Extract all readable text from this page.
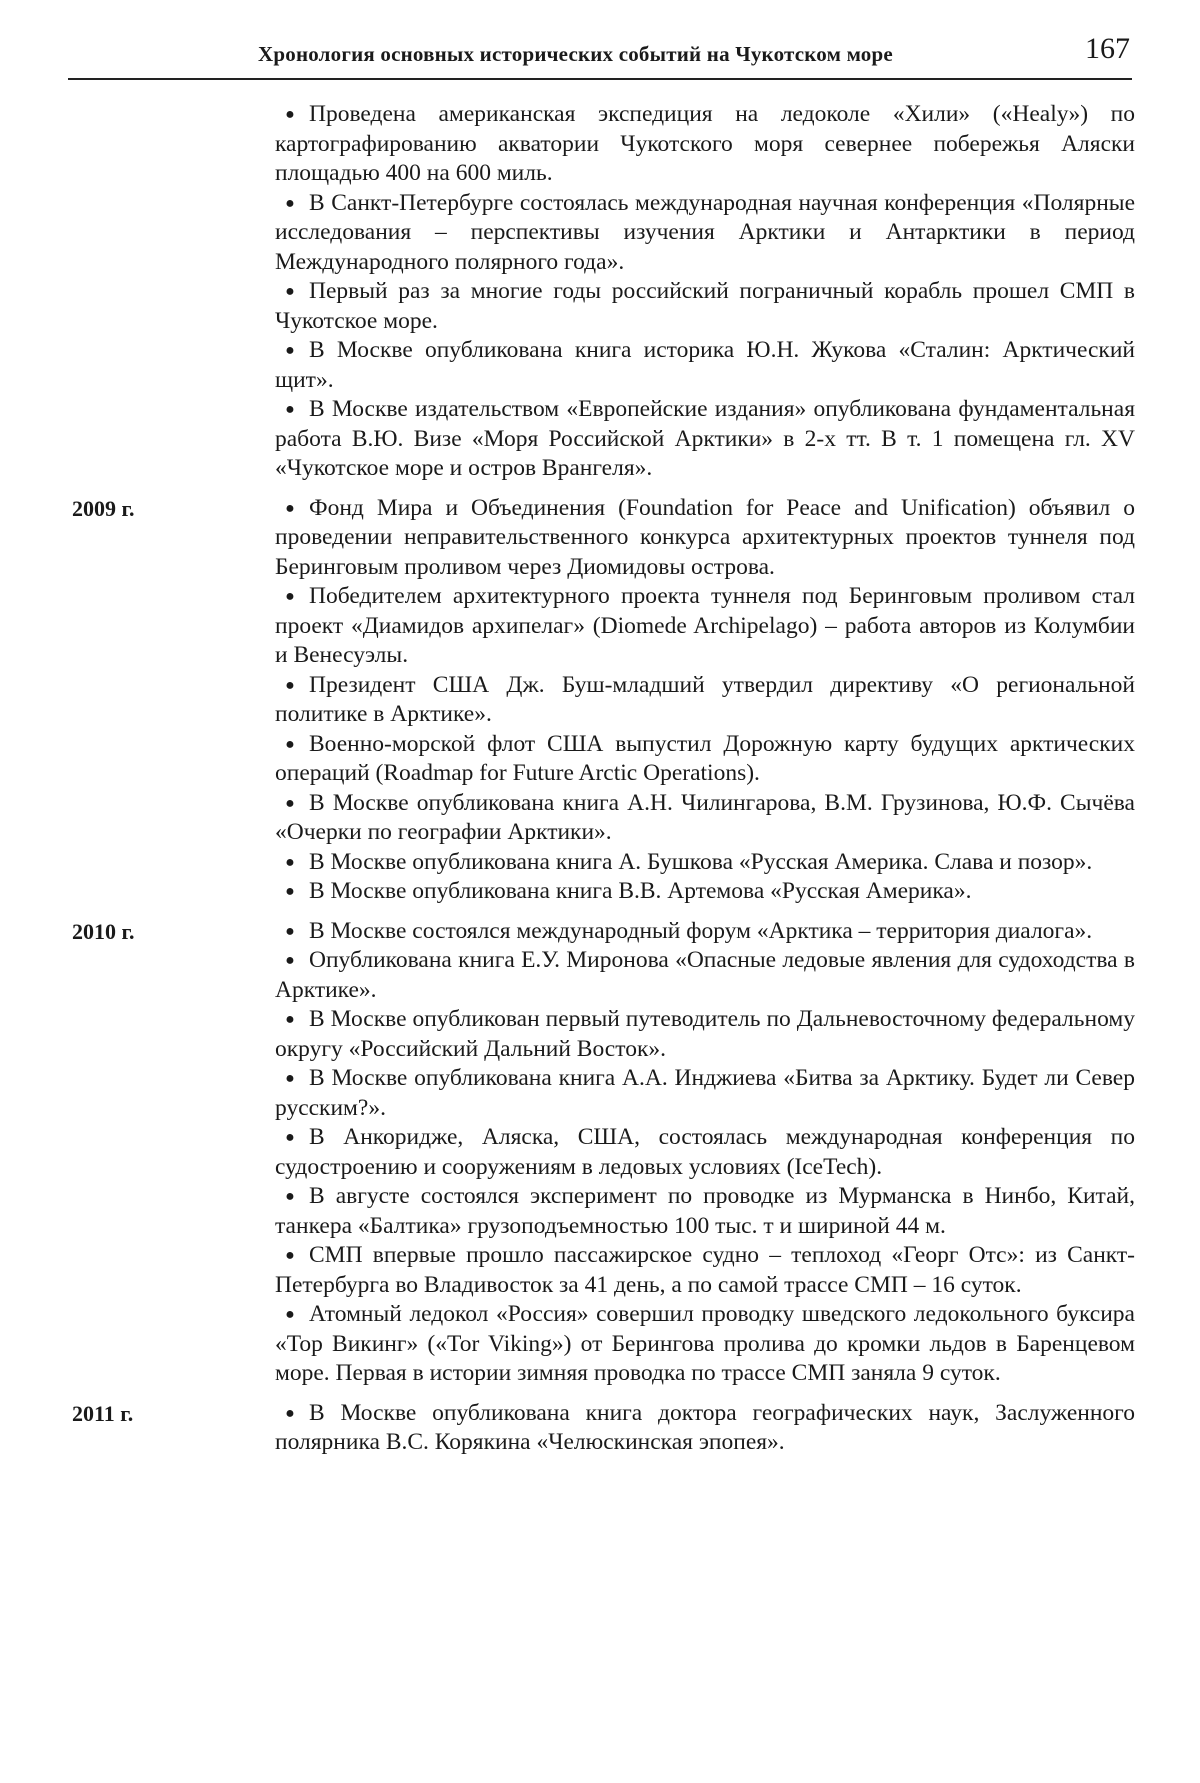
Хронология основных исторических событий на Чукотском море	167

● Проведена американская экспедиция на ледоколе «Хили» («Healy») по картографированию акватории Чукотского моря севернее побережья Аляски площадью 400 на 600 миль.

● В Санкт-Петербурге состоялась международная научная конференция «Полярные исследования – перспективы изучения Арктики и Антарктики в период Международного полярного года».

● Первый раз за многие годы российский пограничный корабль прошел СМП в Чукотское море.

● В Москве опубликована книга историка Ю.Н. Жукова «Сталин: Арктический щит».

● В Москве издательством «Европейские издания» опубликована фундаментальная работа В.Ю. Визе «Моря Российской Арктики» в 2-х тт. В т. 1 помещена гл. XV «Чукотское море и остров Врангеля».

2009 г.	● Фонд Мира и Объединения (Foundation for Peace and Unification) объявил о проведении неправительственного конкурса архитектурных проектов туннеля под Беринговым проливом через Диомидовы острова.

● Победителем архитектурного проекта туннеля под Беринговым проливом стал проект «Диамидов архипелаг» (Diomede Archipelago) – работа авторов из Колумбии и Венесуэлы.

● Президент США Дж. Буш-младший утвердил директиву «О региональной политике в Арктике».

● Военно-морской флот США выпустил Дорожную карту будущих арктических операций (Roadmap for Future Arctic Operations).

● В Москве опубликована книга А.Н. Чилингарова, В.М. Грузинова, Ю.Ф. Сычёва «Очерки по географии Арктики».

● В Москве опубликована книга А. Бушкова «Русская Америка. Слава и позор».

● В Москве опубликована книга В.В. Артемова «Русская Америка».

2010 г.	● В Москве состоялся международный форум «Арктика – территория диалога».

● Опубликована книга Е.У. Миронова «Опасные ледовые явления для судоходства в Арктике».

● В Москве опубликован первый путеводитель по Дальневосточному федеральному округу «Российский Дальний Восток».

● В Москве опубликована книга А.А. Инджиева «Битва за Арктику. Будет ли Север русским?».

● В Анкоридже, Аляска, США, состоялась международная конференция по судостроению и сооружениям в ледовых условиях (IceTech).

● В августе состоялся эксперимент по проводке из Мурманска в Нинбо, Китай, танкера «Балтика» грузоподъемностью 100 тыс. т и шириной 44 м.

● СМП впервые прошло пассажирское судно – теплоход «Георг Отс»: из Санкт-Петербурга во Владивосток за 41 день, а по самой трассе СМП – 16 суток.

● Атомный ледокол «Россия» совершил проводку шведского ледокольного буксира «Тор Викинг» («Tor Viking») от Берингова пролива до кромки льдов в Баренцевом море. Первая в истории зимняя проводка по трассе СМП заняла 9 суток.

2011 г.	● В Москве опубликована книга доктора географических наук, Заслуженного полярника В.С. Корякина «Челюскинская эпопея».
